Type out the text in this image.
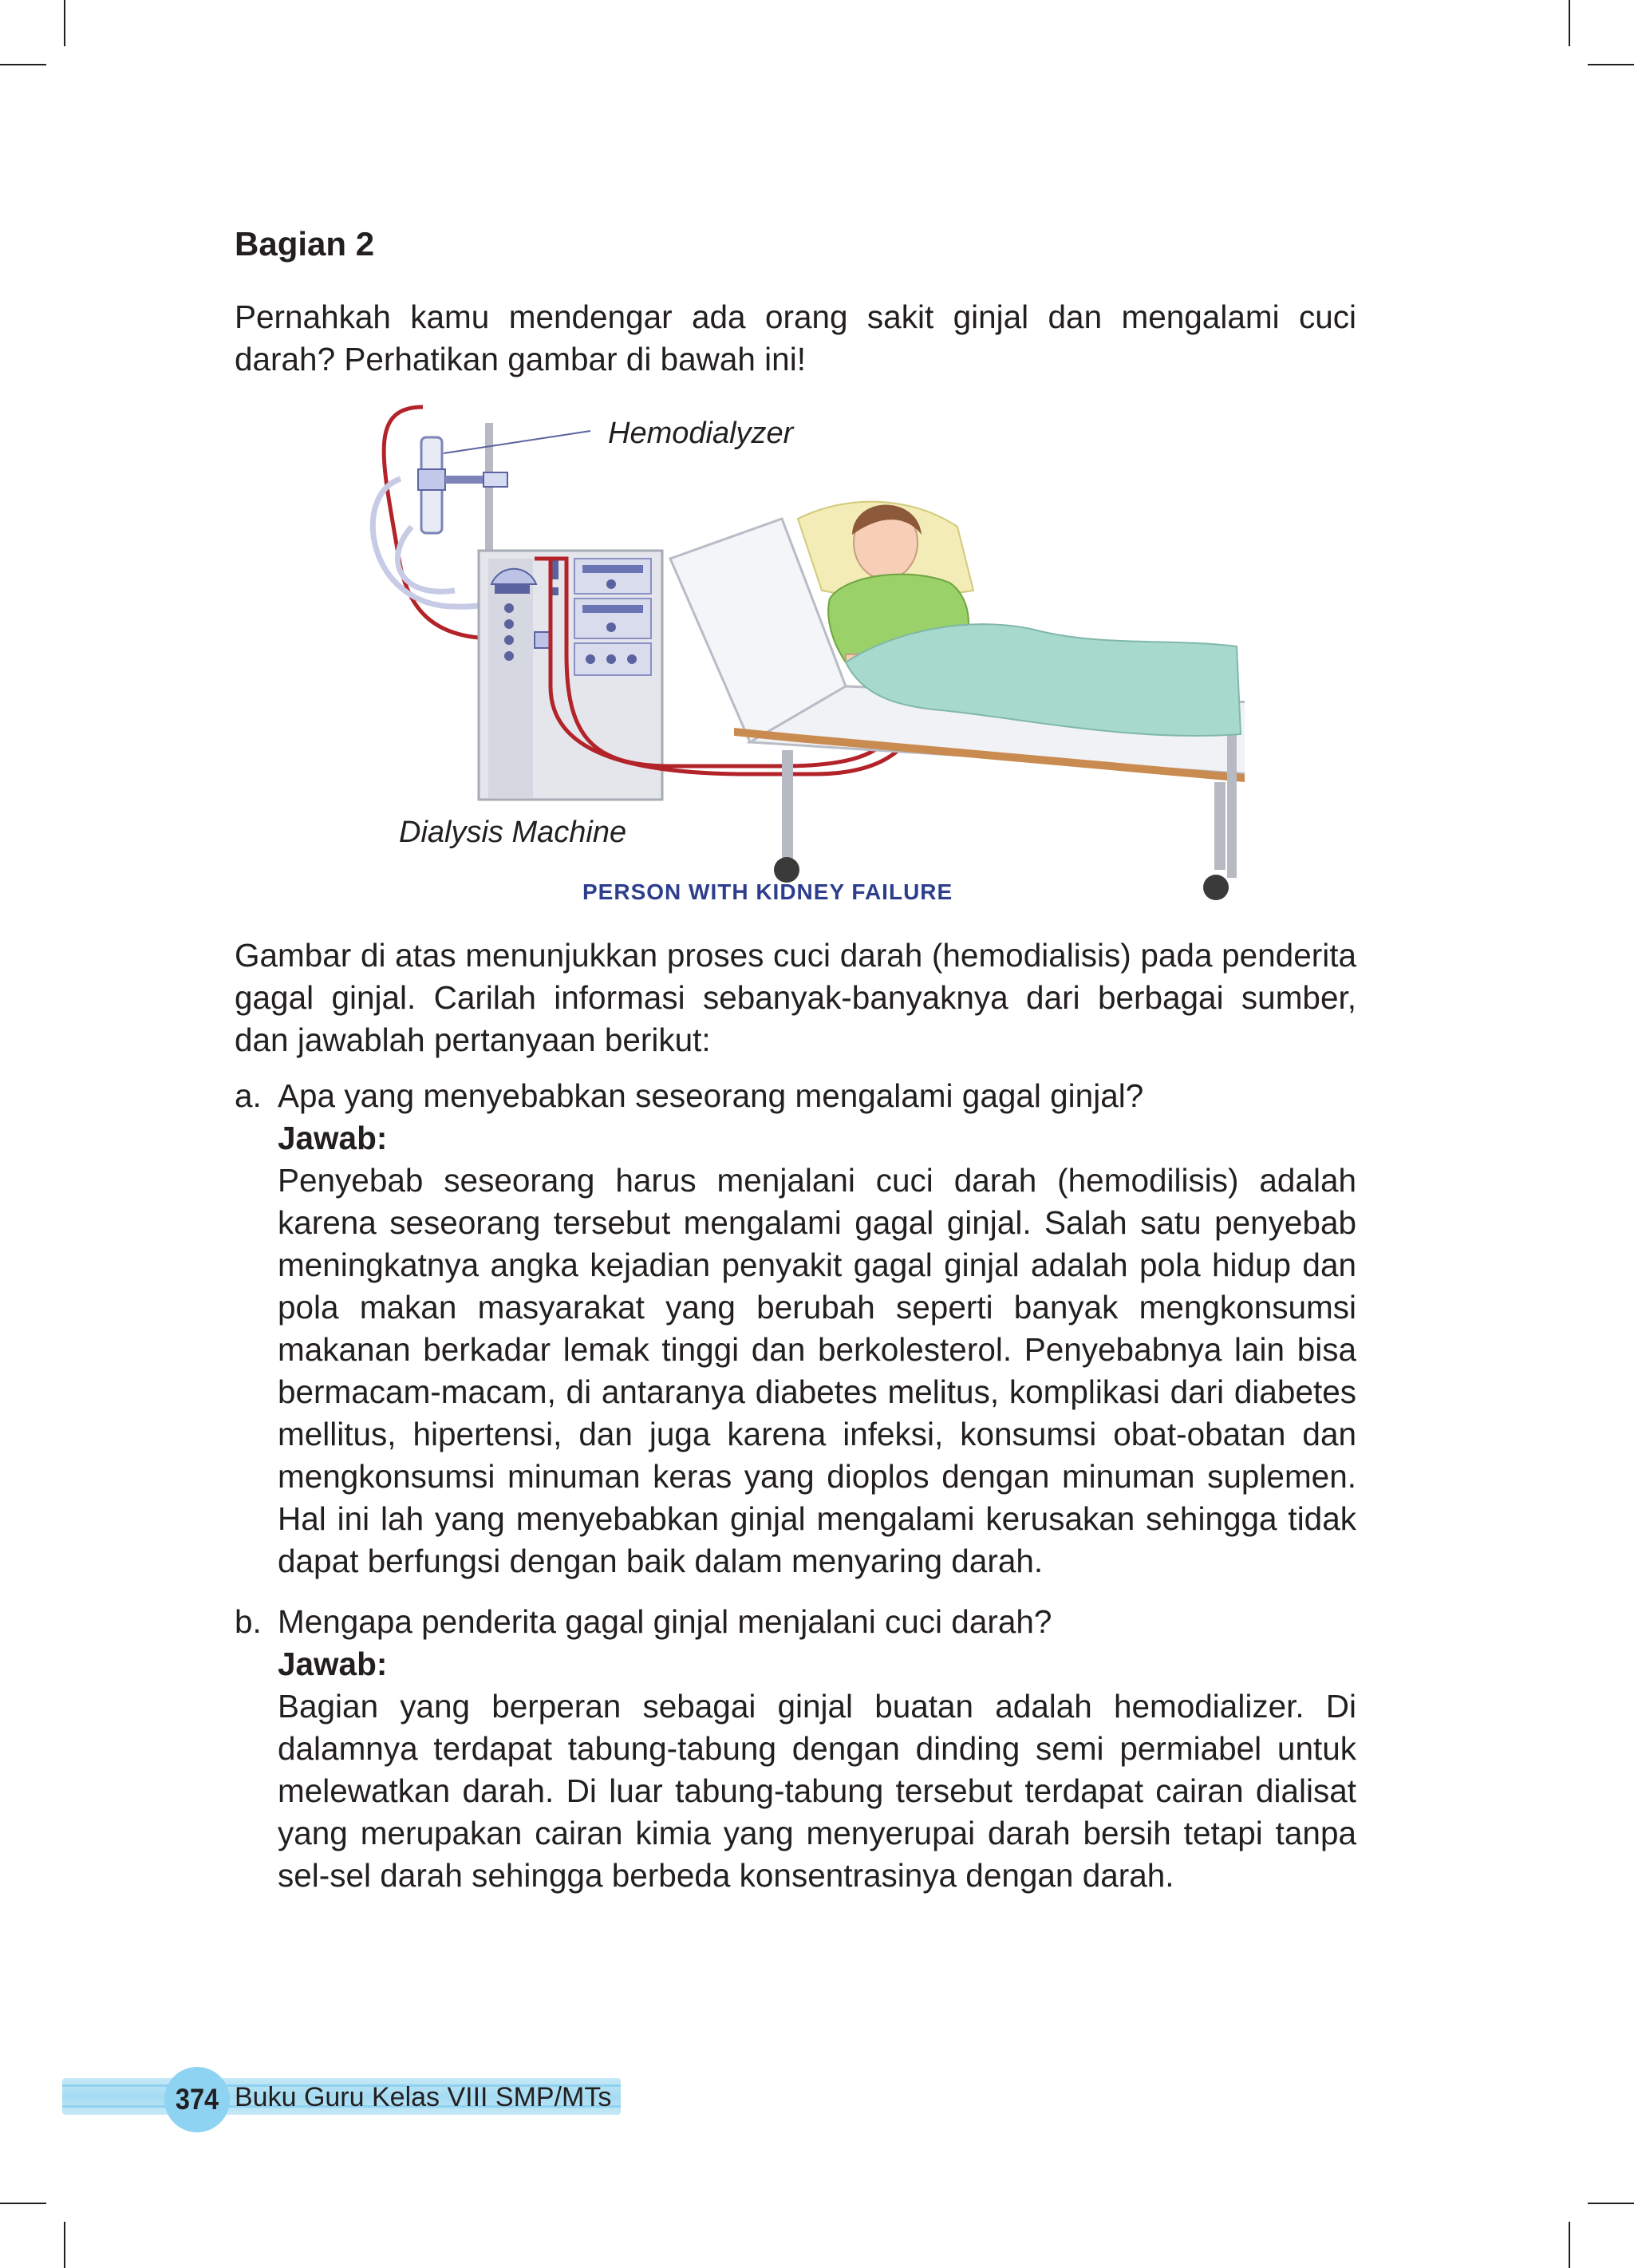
Bagian 2

Pernahkah kamu mendengar ada orang sakit ginjal dan mengalami cuci darah? Perhatikan gambar di bawah ini!

Hemodialyzer
Dialysis Machine
PERSON WITH KIDNEY FAILURE

Gambar di atas menunjukkan proses cuci darah (hemodialisis) pada penderita gagal ginjal. Carilah informasi sebanyak-banyaknya dari berbagai sumber, dan jawablah pertanyaan berikut:

a. Apa yang menyebabkan seseorang mengalami gagal ginjal?
Jawab:

Penyebab seseorang harus menjalani cuci darah (hemodilisis) adalah karena seseorang tersebut mengalami gagal ginjal. Salah satu penyebab meningkatnya angka kejadian penyakit gagal ginjal adalah pola hidup dan pola makan masyarakat yang berubah seperti banyak mengkonsumsi makanan berkadar lemak tinggi dan berkolesterol. Penyebabnya lain bisa bermacam-macam, di antaranya diabetes melitus, komplikasi dari diabetes mellitus, hipertensi, dan juga karena infeksi, konsumsi obat-obatan dan mengkonsumsi minuman keras yang dioplos dengan minuman suplemen. Hal ini lah yang menyebabkan ginjal mengalami kerusakan sehingga tidak dapat berfungsi dengan baik dalam menyaring darah.

b. Mengapa penderita gagal ginjal menjalani cuci darah?
Jawab:

Bagian yang berperan sebagai ginjal buatan adalah hemodializer. Di dalamnya terdapat tabung-tabung dengan dinding semi permiabel untuk melewatkan darah. Di luar tabung-tabung tersebut terdapat cairan dialisat yang merupakan cairan kimia yang menyerupai darah bersih tetapi tanpa sel-sel darah sehingga berbeda konsentrasinya dengan darah.

374 Buku Guru Kelas VIII SMP/MTs
